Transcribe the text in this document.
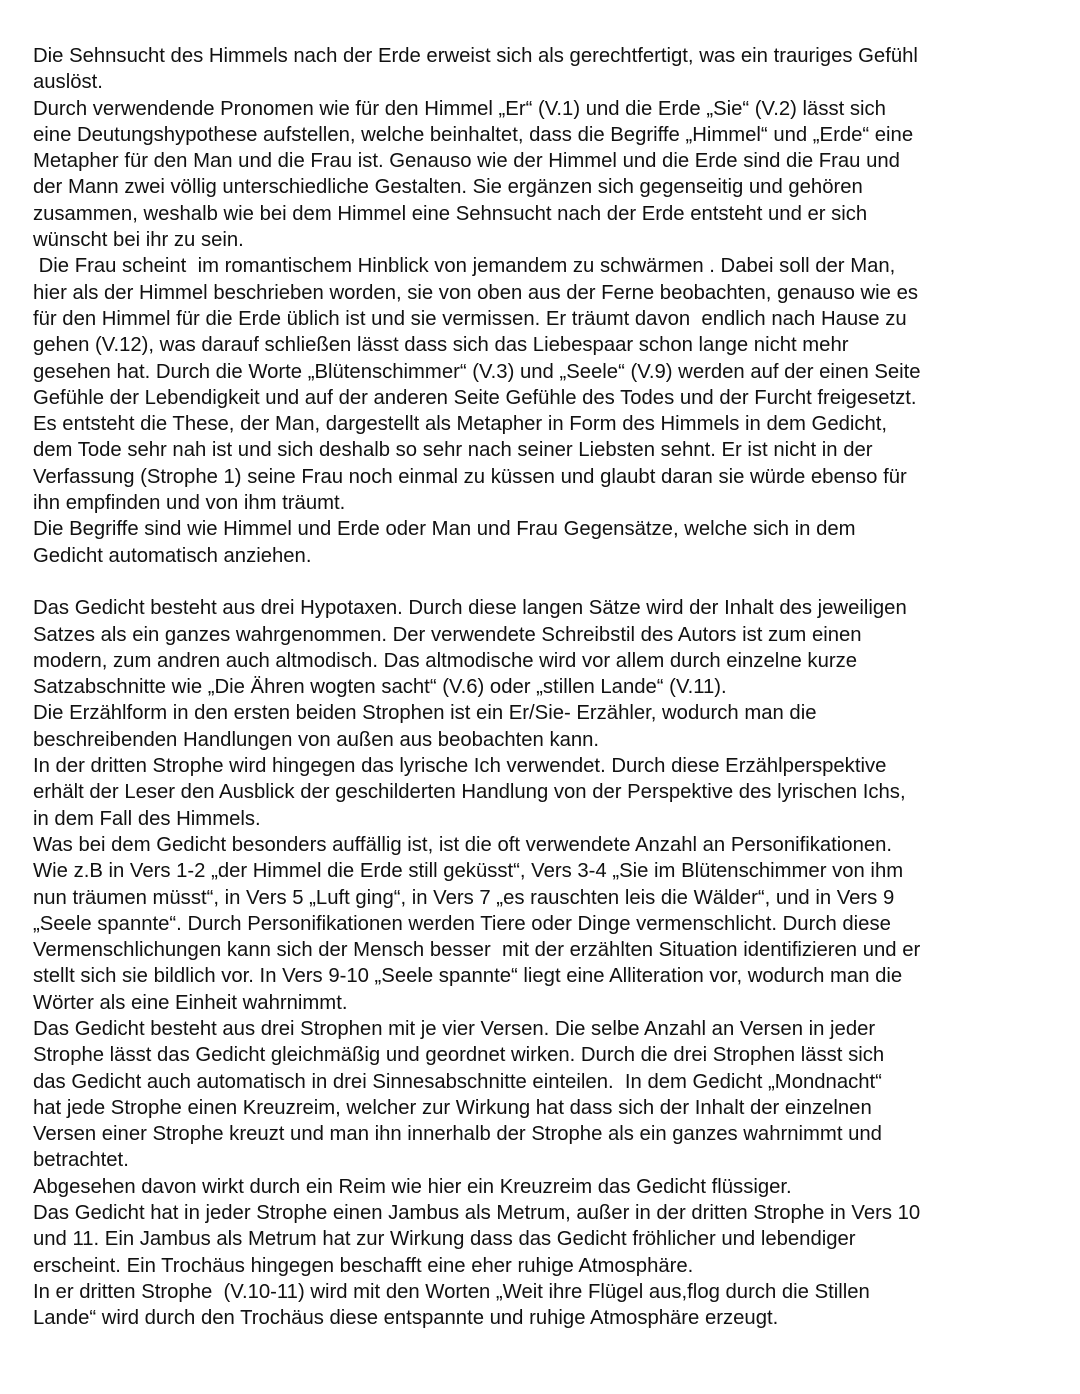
Die Sehnsucht des Himmels nach der Erde erweist sich als gerechtfertigt, was ein trauriges Gefühl
auslöst.

Durch verwendende Pronomen wie für den Himmel „Er“ (V.1) und die Erde „Sie“ (V.2) lässt sich
eine Deutungshypothese aufstellen, welche beinhaltet, dass die Begriffe „Himmel“ und „Erde“ eine
Metapher für den Man und die Frau ist. Genauso wie der Himmel und die Erde sind die Frau und
der Mann zwei völlig unterschiedliche Gestalten. Sie ergänzen sich gegenseitig und gehören
zusammen, weshalb wie bei dem Himmel eine Sehnsucht nach der Erde entsteht und er sich
wünscht bei ihr zu sein.

Die Frau scheint  im romantischem Hinblick von jemandem zu schwärmen . Dabei soll der Man,
hier als der Himmel beschrieben worden, sie von oben aus der Ferne beobachten, genauso wie es
für den Himmel für die Erde üblich ist und sie vermissen. Er träumt davon  endlich nach Hause zu
gehen (V.12), was darauf schließen lässt dass sich das Liebespaar schon lange nicht mehr
gesehen hat. Durch die Worte „Blütenschimmer“ (V.3) und „Seele“ (V.9) werden auf der einen Seite
Gefühle der Lebendigkeit und auf der anderen Seite Gefühle des Todes und der Furcht freigesetzt.
Es entsteht die These, der Man, dargestellt als Metapher in Form des Himmels in dem Gedicht,
dem Tode sehr nah ist und sich deshalb so sehr nach seiner Liebsten sehnt. Er ist nicht in der
Verfassung (Strophe 1) seine Frau noch einmal zu küssen und glaubt daran sie würde ebenso für
ihn empfinden und von ihm träumt.

Die Begriffe sind wie Himmel und Erde oder Man und Frau Gegensätze, welche sich in dem
Gedicht automatisch anziehen.

Das Gedicht besteht aus drei Hypotaxen. Durch diese langen Sätze wird der Inhalt des jeweiligen
Satzes als ein ganzes wahrgenommen. Der verwendete Schreibstil des Autors ist zum einen
modern, zum andren auch altmodisch. Das altmodische wird vor allem durch einzelne kurze
Satzabschnitte wie „Die Ähren wogten sacht“ (V.6) oder „stillen Lande“ (V.11).

Die Erzählform in den ersten beiden Strophen ist ein Er/Sie- Erzähler, wodurch man die
beschreibenden Handlungen von außen aus beobachten kann.

In der dritten Strophe wird hingegen das lyrische Ich verwendet. Durch diese Erzählperspektive
erhält der Leser den Ausblick der geschilderten Handlung von der Perspektive des lyrischen Ichs,
in dem Fall des Himmels.

Was bei dem Gedicht besonders auffällig ist, ist die oft verwendete Anzahl an Personifikationen.
Wie z.B in Vers 1-2 „der Himmel die Erde still geküsst“, Vers 3-4 „Sie im Blütenschimmer von ihm
nun träumen müsst“, in Vers 5 „Luft ging“, in Vers 7 „es rauschten leis die Wälder“, und in Vers 9
„Seele spannte“. Durch Personifikationen werden Tiere oder Dinge vermenschlicht. Durch diese
Vermenschlichungen kann sich der Mensch besser  mit der erzählten Situation identifizieren und er
stellt sich sie bildlich vor. In Vers 9-10 „Seele spannte“ liegt eine Alliteration vor, wodurch man die
Wörter als eine Einheit wahrnimmt.

Das Gedicht besteht aus drei Strophen mit je vier Versen. Die selbe Anzahl an Versen in jeder
Strophe lässt das Gedicht gleichmäßig und geordnet wirken. Durch die drei Strophen lässt sich
das Gedicht auch automatisch in drei Sinnesabschnitte einteilen.  In dem Gedicht „Mondnacht“
hat jede Strophe einen Kreuzreim, welcher zur Wirkung hat dass sich der Inhalt der einzelnen
Versen einer Strophe kreuzt und man ihn innerhalb der Strophe als ein ganzes wahrnimmt und
betrachtet.

Abgesehen davon wirkt durch ein Reim wie hier ein Kreuzreim das Gedicht flüssiger.

Das Gedicht hat in jeder Strophe einen Jambus als Metrum, außer in der dritten Strophe in Vers 10
und 11. Ein Jambus als Metrum hat zur Wirkung dass das Gedicht fröhlicher und lebendiger
erscheint. Ein Trochäus hingegen beschafft eine eher ruhige Atmosphäre.

In er dritten Strophe  (V.10-11) wird mit den Worten „Weit ihre Flügel aus,flog durch die Stillen
Lande“ wird durch den Trochäus diese entspannte und ruhige Atmosphäre erzeugt.
